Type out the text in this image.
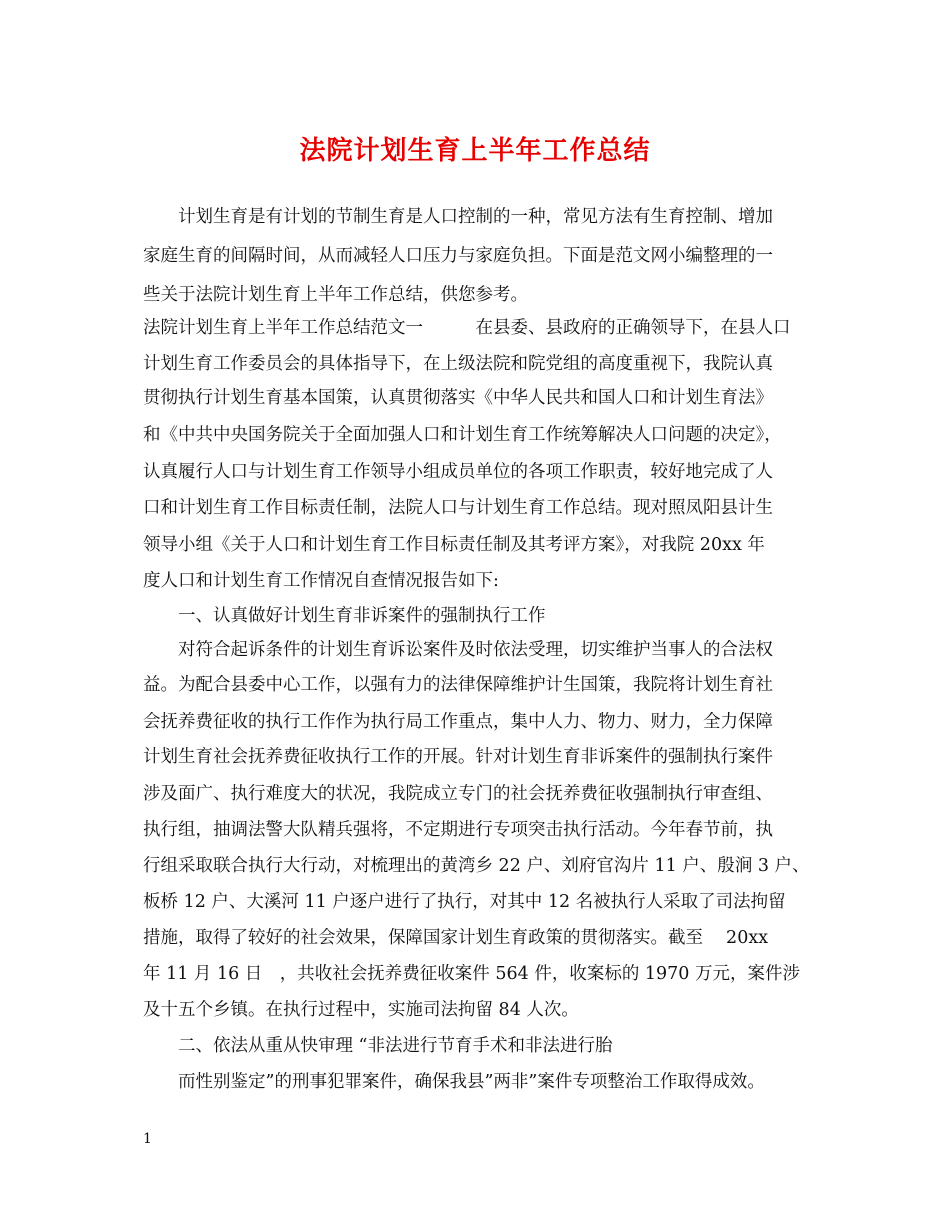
法院计划生育上半年工作总结
计划生育是有计划的节制生育是人口控制的一种，常见方法有生育控制、增加
家庭生育的间隔时间，从而减轻人口压力与家庭负担。下面是范文网小编整理的一
些关于法院计划生育上半年工作总结，供您参考。
法院计划生育上半年工作总结范文一　　　在县委、县政府的正确领导下，在县人口
计划生育工作委员会的具体指导下，在上级法院和院党组的高度重视下，我院认真
贯彻执行计划生育基本国策，认真贯彻落实《中华人民共和国人口和计划生育法》
和《中共中央国务院关于全面加强人口和计划生育工作统筹解决人口问题的决定》，
认真履行人口与计划生育工作领导小组成员单位的各项工作职责，较好地完成了人
口和计划生育工作目标责任制，法院人口与计划生育工作总结。现对照凤阳县计生
领导小组《关于人口和计划生育工作目标责任制及其考评方案》，对我院 20xx 年
度人口和计划生育工作情况自查情况报告如下:
一、认真做好计划生育非诉案件的强制执行工作
对符合起诉条件的计划生育诉讼案件及时依法受理，切实维护当事人的合法权
益。为配合县委中心工作，以强有力的法律保障维护计生国策，我院将计划生育社
会抚养费征收的执行工作作为执行局工作重点，集中人力、物力、财力，全力保障
计划生育社会抚养费征收执行工作的开展。针对计划生育非诉案件的强制执行案件
涉及面广、执行难度大的状况，我院成立专门的社会抚养费征收强制执行审查组、
执行组，抽调法警大队精兵强将，不定期进行专项突击执行活动。今年春节前，执
行组采取联合执行大行动，对梳理出的黄湾乡 22 户、刘府官沟片 11 户、殷涧 3 户、
板桥 12 户、大溪河 11 户逐户进行了执行，对其中 12 名被执行人采取了司法拘留
措施，取得了较好的社会效果，保障国家计划生育政策的贯彻落实。截至　 20xx
年 11 月 16 日　，共收社会抚养费征收案件 564 件，收案标的 1970 万元，案件涉
及十五个乡镇。在执行过程中，实施司法拘留 84 人次。
二、依法从重从快审理 “非法进行节育手术和非法进行胎
而性别鉴定”的刑事犯罪案件，确保我县”两非”案件专项整治工作取得成效。
1
